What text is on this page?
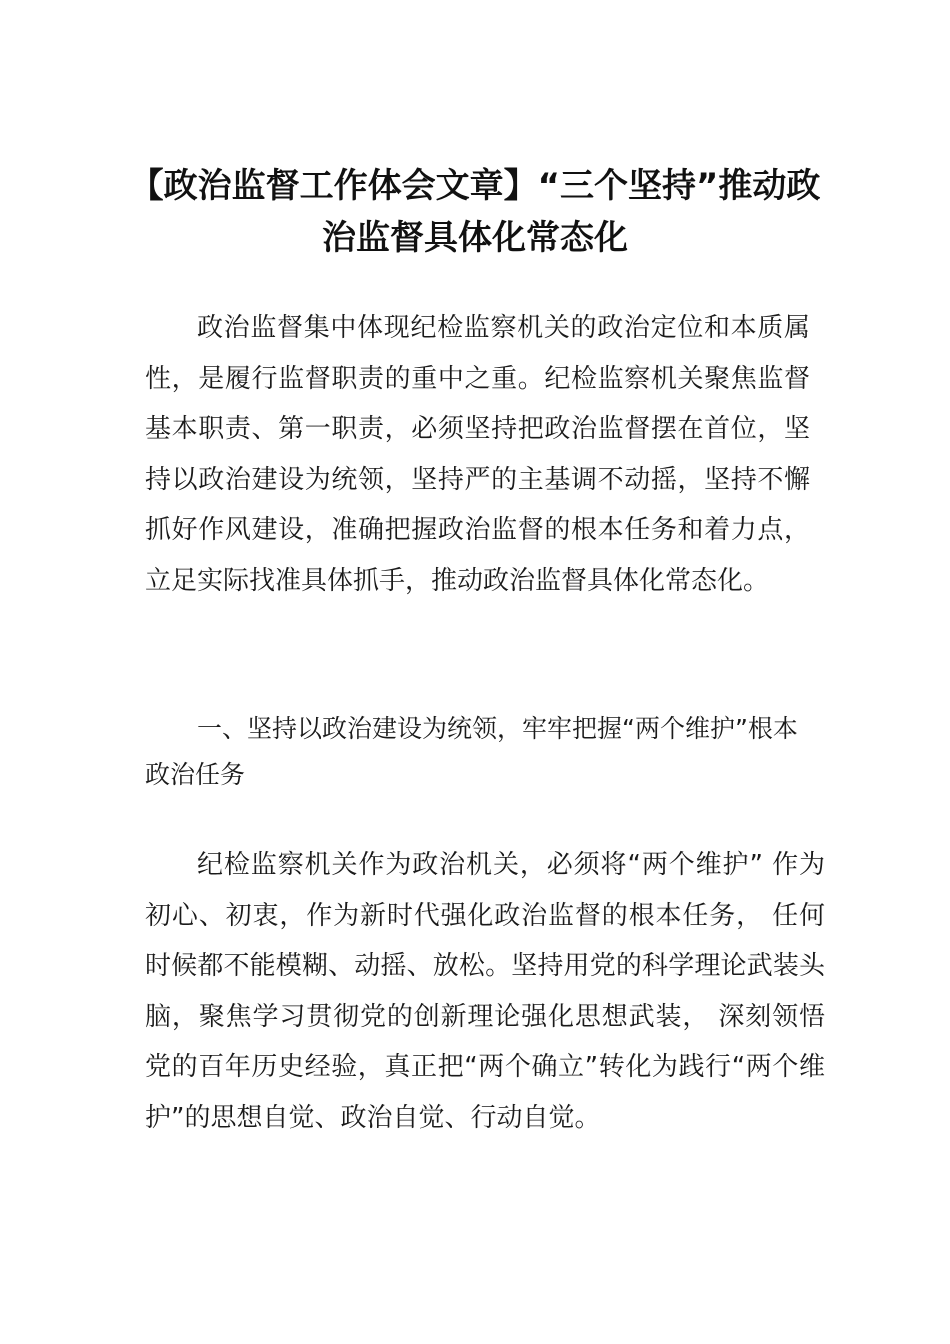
【政治监督工作体会文章】“三个坚持”推动政治监督具体化常态化

政治监督集中体现纪检监察机关的政治定位和本质属性，是履行监督职责的重中之重。纪检监察机关聚焦监督基本职责、第一职责，必须坚持把政治监督摆在首位，坚持以政治建设为统领，坚持严的主基调不动摇，坚持不懈抓好作风建设，准确把握政治监督的根本任务和着力点，立足实际找准具体抓手，推动政治监督具体化常态化。

一、坚持以政治建设为统领，牢牢把握“两个维护”根本政治任务

纪检监察机关作为政治机关，必须将“两个维护” 作为初心、初衷，作为新时代强化政治监督的根本任务， 任何时候都不能模糊、动摇、放松。坚持用党的科学理论武装头脑，聚焦学习贯彻党的创新理论强化思想武装， 深刻领悟党的百年历史经验，真正把“两个确立”转化为践行“两个维护”的思想自觉、政治自觉、行动自觉。
